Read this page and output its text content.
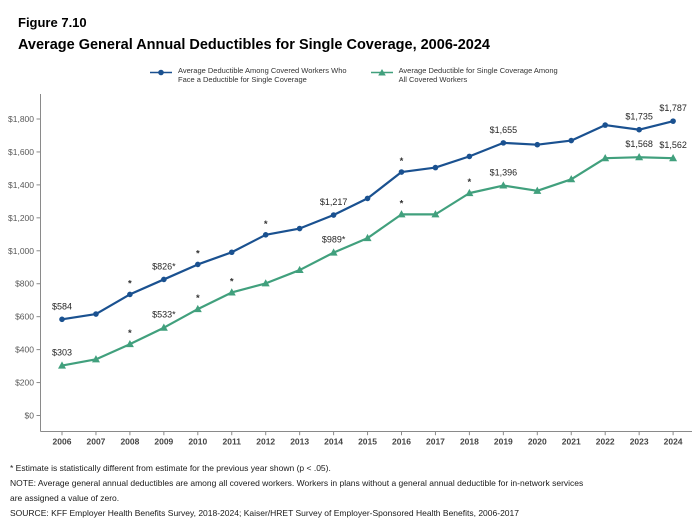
Figure 7.10
Average General Annual Deductibles for Single Coverage, 2006-2024
Average Deductible Among Covered Workers Who
Face a Deductible for Single Coverage
Average Deductible for Single Coverage Among
All Covered Workers
$0
$200
$400
$600
$800
$1,000
$1,200
$1,400
$1,600
$1,800
2006 2007 2008 2009 2010 2011 2012 2013 2014 2015 2016 2017 2018 2019 2020 2021 2022 2023 2024
$584
$826*
$1,217
$1,655
$1,735
$1,787
*
*
*
*
$303
$533*
$989*
$1,396
$1,568 $1,562
*
*
*
*
*
* Estimate is statistically different from estimate for the previous year shown (p < .05).
NOTE: Average general annual deductibles are among all covered workers. Workers in plans without a general annual deductible for in-network services
are assigned a value of zero.
SOURCE: KFF Employer Health Benefits Survey, 2018-2024; Kaiser/HRET Survey of Employer-Sponsored Health Benefits, 2006-2017
